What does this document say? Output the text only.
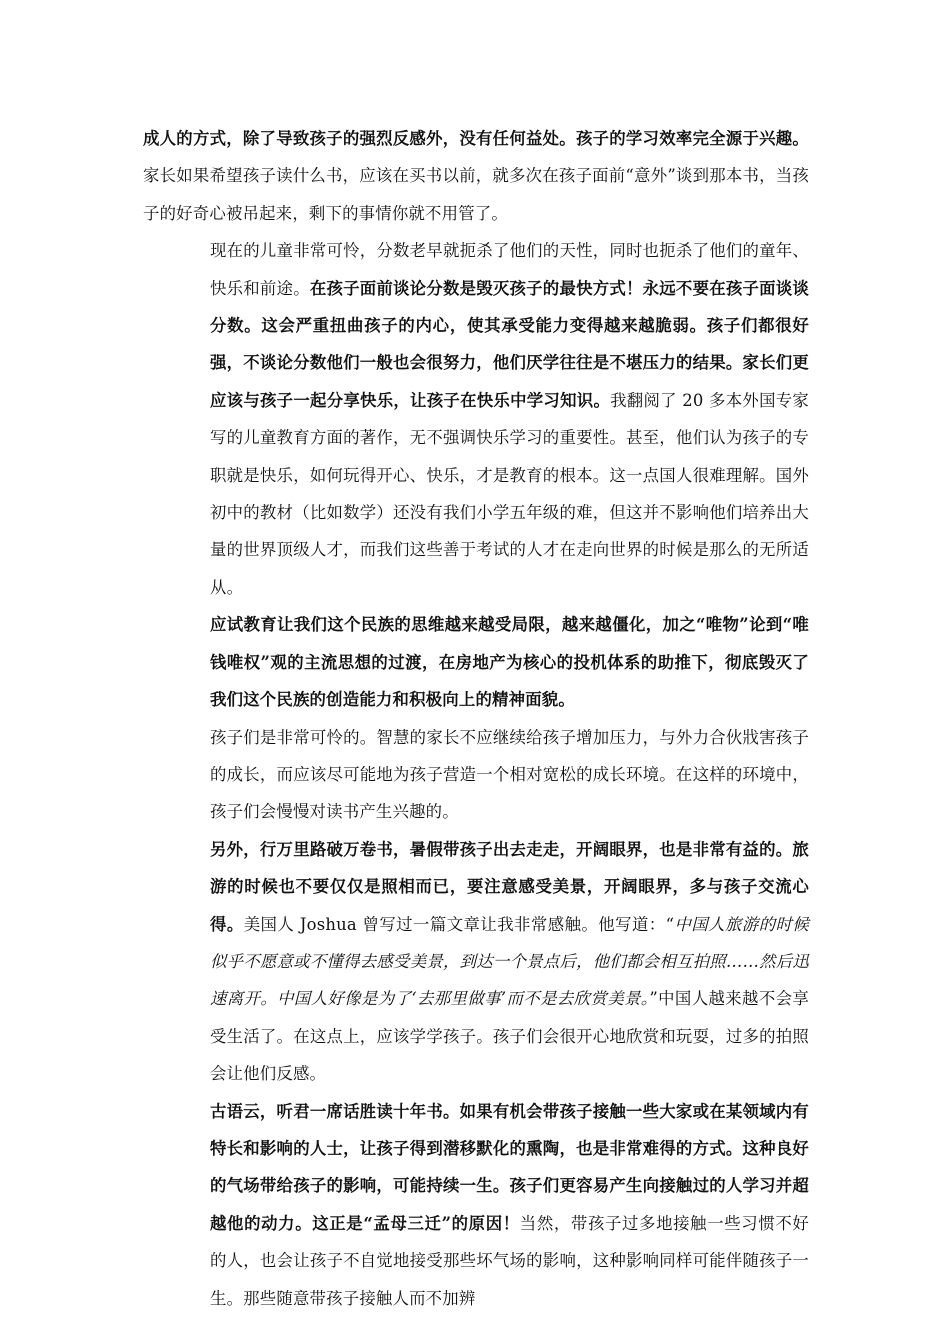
成人的方式，除了导致孩子的强烈反感外，没有任何益处。孩子的学习效率完全源于兴趣。家长如果希望孩子读什么书，应该在买书以前，就多次在孩子面前“意外”谈到那本书，当孩子的好奇心被吊起来，剩下的事情你就不用管了。

现在的儿童非常可怜，分数老早就扼杀了他们的天性，同时也扼杀了他们的童年、快乐和前途。在孩子面前谈论分数是毁灭孩子的最快方式！永远不要在孩子面谈谈分数。这会严重扭曲孩子的内心，使其承受能力变得越来越脆弱。孩子们都很好强，不谈论分数他们一般也会很努力，他们厌学往往是不堪压力的结果。家长们更应该与孩子一起分享快乐，让孩子在快乐中学习知识。我翻阅了 20 多本外国专家写的儿童教育方面的著作，无不强调快乐学习的重要性。甚至，他们认为孩子的专职就是快乐，如何玩得开心、快乐，才是教育的根本。这一点国人很难理解。国外初中的教材（比如数学）还没有我们小学五年级的难，但这并不影响他们培养出大量的世界顶级人才，而我们这些善于考试的人才在走向世界的时候是那么的无所适从。

应试教育让我们这个民族的思维越来越受局限，越来越僵化，加之“唯物”论到“唯钱唯权”观的主流思想的过渡，在房地产为核心的投机体系的助推下，彻底毁灭了我们这个民族的创造能力和积极向上的精神面貌。

孩子们是非常可怜的。智慧的家长不应继续给孩子增加压力，与外力合伙戕害孩子的成长，而应该尽可能地为孩子营造一个相对宽松的成长环境。在这样的环境中，孩子们会慢慢对读书产生兴趣的。

另外，行万里路破万卷书，暑假带孩子出去走走，开阔眼界，也是非常有益的。旅游的时候也不要仅仅是照相而已，要注意感受美景，开阔眼界，多与孩子交流心得。美国人 Joshua 曾写过一篇文章让我非常感触。他写道：“中国人旅游的时候似乎不愿意或不懂得去感受美景，到达一个景点后，他们都会相互拍照……然后迅速离开。中国人好像是为了‘去那里做事’而不是去欣赏美景。”中国人越来越不会享受生活了。在这点上，应该学学孩子。孩子们会很开心地欣赏和玩耍，过多的拍照会让他们反感。

古语云，听君一席话胜读十年书。如果有机会带孩子接触一些大家或在某领域内有特长和影响的人士，让孩子得到潜移默化的熏陶，也是非常难得的方式。这种良好的气场带给孩子的影响，可能持续一生。孩子们更容易产生向接触过的人学习并超越他的动力。这正是“孟母三迁”的原因！当然，带孩子过多地接触一些习惯不好的人，也会让孩子不自觉地接受那些坏气场的影响，这种影响同样可能伴随孩子一生。那些随意带孩子接触人而不加辨
